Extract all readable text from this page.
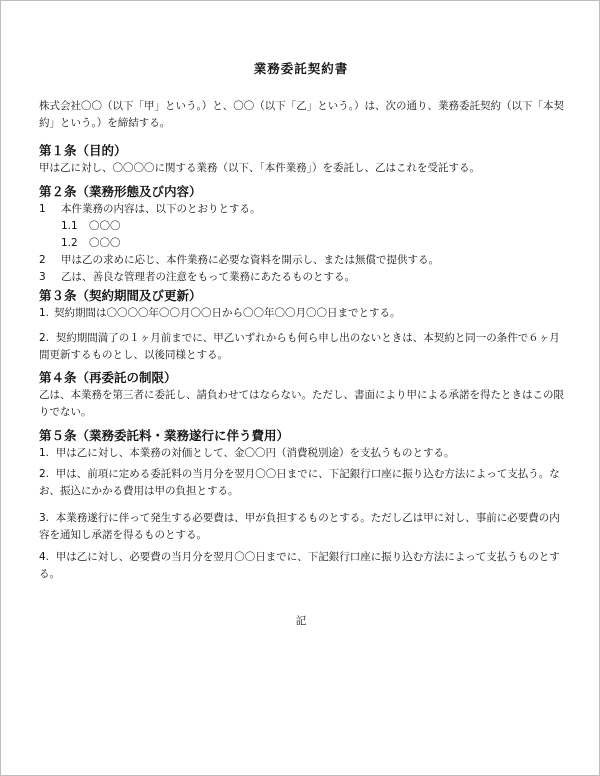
業務委託契約書

株式会社〇〇（以下「甲」という。）と、〇〇（以下「乙」という。）は、次の通り、業務委託契約（以下「本契約」という。）を締結する。

第１条（目的）

甲は乙に対し、〇〇〇〇に関する業務（以下、「本件業務」）を委託し、乙はこれを受託する。

第２条（業務形態及び内容）

1	本件業務の内容は、以下のとおりとする。
1.1	〇〇〇
1.2	〇〇〇
2	甲は乙の求めに応じ、本件業務に必要な資料を開示し、または無償で提供する。
3	乙は、善良な管理者の注意をもって業務にあたるものとする。

第３条（契約期間及び更新）

1. 契約期間は〇〇〇〇年〇〇月〇〇日から〇〇年〇〇月〇〇日までとする。

2. 契約期間満了の１ヶ月前までに、甲乙いずれからも何ら申し出のないときは、本契約と同一の条件で６ヶ月間更新するものとし、以後同様とする。

第４条（再委託の制限）

乙は、本業務を第三者に委託し、請負わせてはならない。ただし、書面により甲による承諾を得たときはこの限りでない。

第５条（業務委託料・業務遂行に伴う費用）

1. 甲は乙に対し、本業務の対価として、金〇〇円（消費税別途）を支払うものとする。

2. 甲は、前項に定める委託料の当月分を翌月〇〇日までに、下記銀行口座に振り込む方法によって支払う。なお、振込にかかる費用は甲の負担とする。

3. 本業務遂行に伴って発生する必要費は、甲が負担するものとする。ただし乙は甲に対し、事前に必要費の内容を通知し承諾を得るものとする。

4. 甲は乙に対し、必要費の当月分を翌月〇〇日までに、下記銀行口座に振り込む方法によって支払うものとする。

記
